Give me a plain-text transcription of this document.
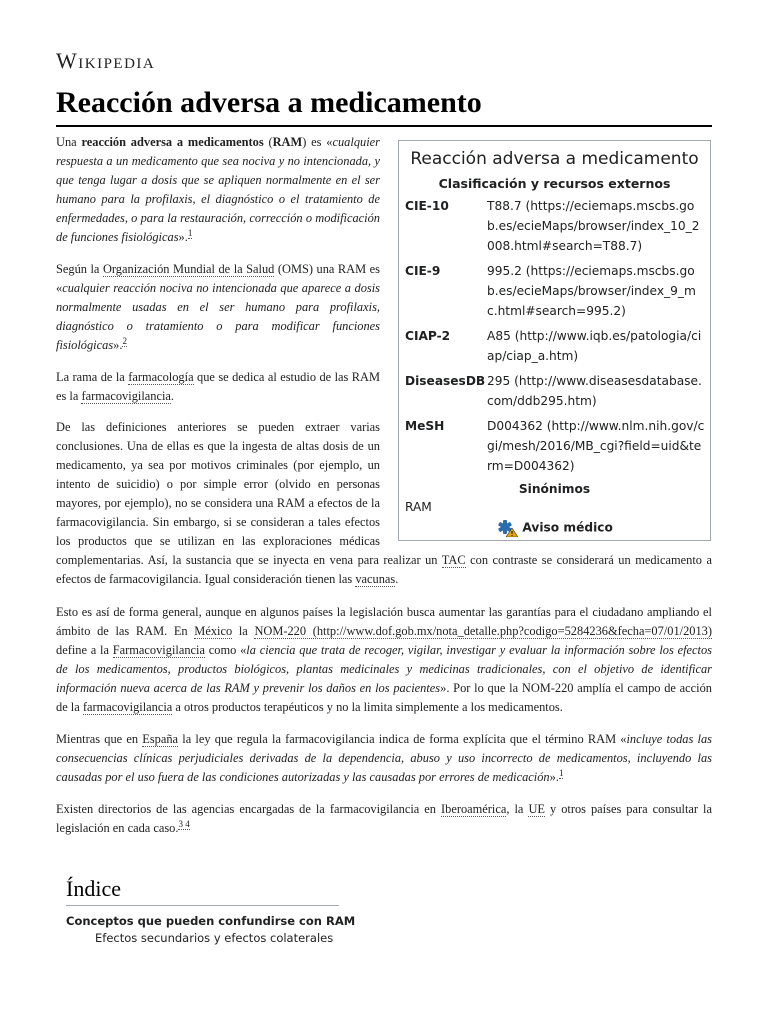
Wikipedia
Reacción adversa a medicamento
Reacción adversa a medicamento
Clasificación y recursos externos
CIE-10	T88.7 (https://eciemaps.mscbs.gob.es/ecieMaps/browser/index_10_2008.html#search=T88.7)
CIE-9	995.2 (https://eciemaps.mscbs.gob.es/ecieMaps/browser/index_9_mc.html#search=995.2)
CIAP-2	A85 (http://www.iqb.es/patologia/ciap/ciap_a.htm)
DiseasesDB 295 (http://www.diseasesdatabase.com/ddb295.htm)
MeSH	D004362 (http://www.nlm.nih.gov/cgi/mesh/2016/MB_cgi?field=uid&term=D004362)
Sinónimos
RAM
Aviso médico
Una reacción adversa a medicamentos (RAM) es «cualquier respuesta a un medicamento que sea nociva y no intencionada, y que tenga lugar a dosis que se apliquen normalmente en el ser humano para la profilaxis, el diagnóstico o el tratamiento de enfermedades, o para la restauración, corrección o modificación de funciones fisiológicas».$^1$
Según la Organización Mundial de la Salud (OMS) una RAM es «cualquier reacción nociva no intencionada que aparece a dosis normalmente usadas en el ser humano para profilaxis, diagnóstico o tratamiento o para modificar funciones fisiológicas».$^2$
La rama de la farmacología que se dedica al estudio de las RAM es la farmacovigilancia.
De las definiciones anteriores se pueden extraer varias conclusiones. Una de ellas es que la ingesta de altas dosis de un medicamento, ya sea por motivos criminales (por ejemplo, un intento de suicidio) o por simple error (olvido en personas mayores, por ejemplo), no se considera una RAM a efectos de la farmacovigilancia. Sin embargo, si se consideran a tales efectos los productos que se utilizan en las exploraciones médicas complementarias. Así, la sustancia que se inyecta en vena para realizar un TAC con contraste se considerará un medicamento a efectos de farmacovigilancia. Igual consideración tienen las vacunas.
Esto es así de forma general, aunque en algunos países la legislación busca aumentar las garantías para el ciudadano ampliando el ámbito de las RAM. En México la NOM-220 (http://www.dof.gob.mx/nota_detalle.php?codigo=5284236&fecha=07/01/2013) define a la Farmacovigilancia como «la ciencia que trata de recoger, vigilar, investigar y evaluar la información sobre los efectos de los medicamentos, productos biológicos, plantas medicinales y medicinas tradicionales, con el objetivo de identificar información nueva acerca de las RAM y prevenir los daños en los pacientes». Por lo que la NOM-220 amplía el campo de acción de la farmacovigilancia a otros productos terapéuticos y no la limita simplemente a los medicamentos.
Mientras que en España la ley que regula la farmacovigilancia indica de forma explícita que el término RAM «incluye todas las consecuencias clínicas perjudiciales derivadas de la dependencia, abuso y uso incorrecto de medicamentos, incluyendo las causadas por el uso fuera de las condiciones autorizadas y las causadas por errores de medicación».$^1$
Existen directorios de las agencias encargadas de la farmacovigilancia en Iberoamérica, la UE y otros países para consultar la legislación en cada caso.$^{3 4}$
Índice
Conceptos que pueden confundirse con RAM
Efectos secundarios y efectos colaterales
